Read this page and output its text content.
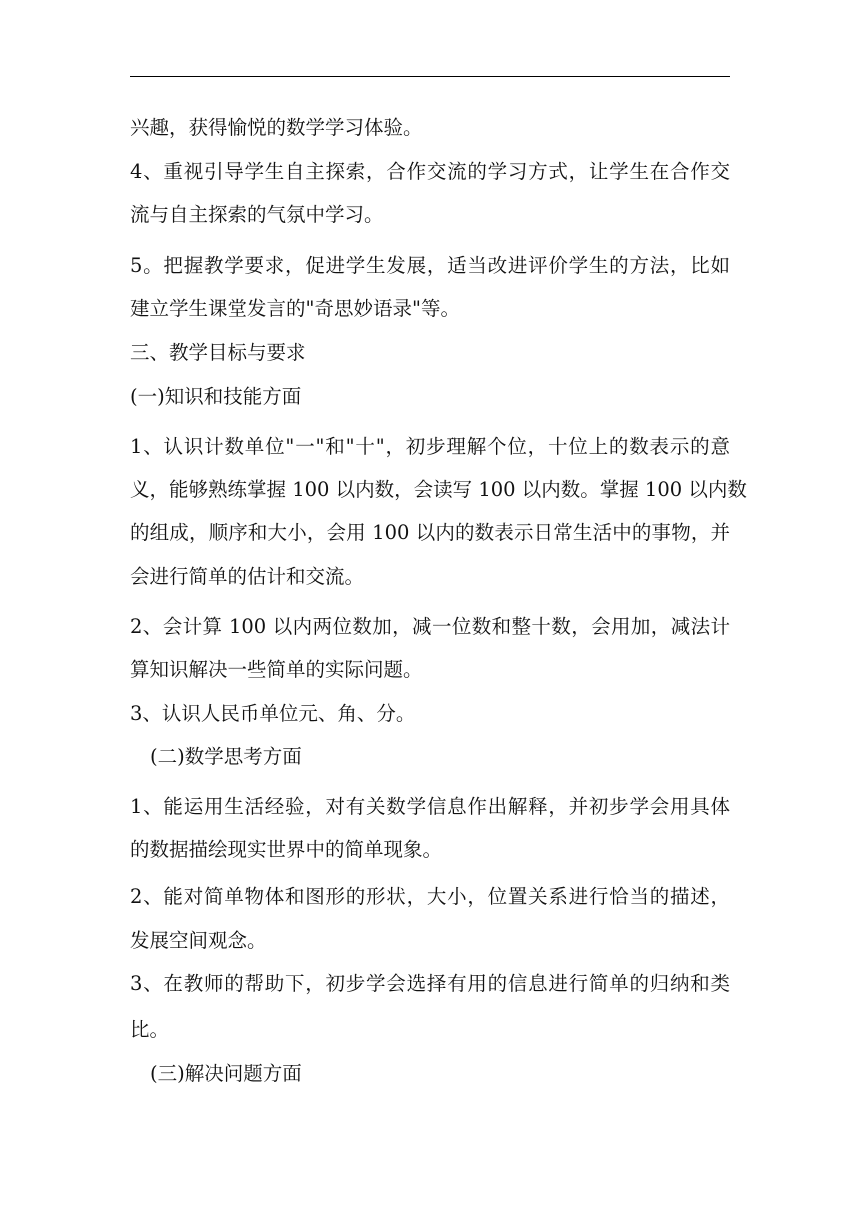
兴趣，获得愉悦的数学学习体验。
4、重视引导学生自主探索，合作交流的学习方式，让学生在合作交
流与自主探索的气氛中学习。
5。把握教学要求，促进学生发展，适当改进评价学生的方法，比如
建立学生课堂发言的"奇思妙语录"等。
三、教学目标与要求
(一)知识和技能方面
1、认识计数单位"一"和"十"，初步理解个位，十位上的数表示的意
义，能够熟练掌握 100 以内数，会读写 100 以内数。掌握 100 以内数
的组成，顺序和大小，会用 100 以内的数表示日常生活中的事物，并
会进行简单的估计和交流。
2、会计算 100 以内两位数加，减一位数和整十数，会用加，减法计
算知识解决一些简单的实际问题。
3、认识人民币单位元、角、分。
(二)数学思考方面
1、能运用生活经验，对有关数学信息作出解释，并初步学会用具体
的数据描绘现实世界中的简单现象。
2、能对简单物体和图形的形状，大小，位置关系进行恰当的描述，
发展空间观念。
3、在教师的帮助下，初步学会选择有用的信息进行简单的归纳和类
比。
(三)解决问题方面
